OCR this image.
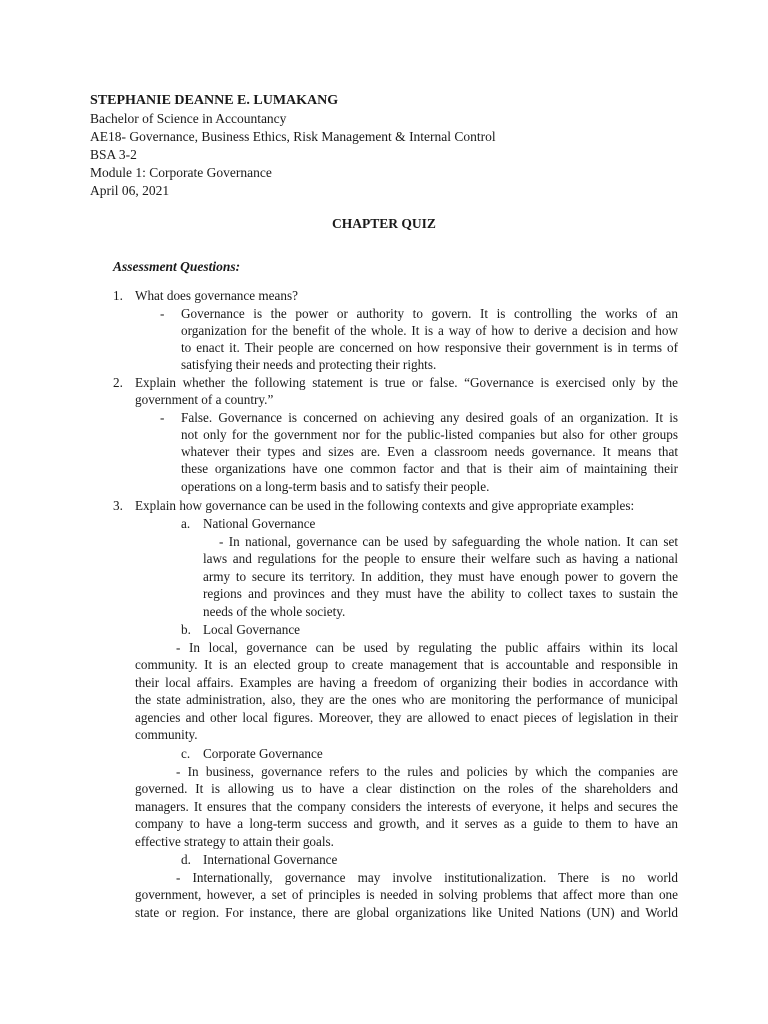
STEPHANIE DEANNE E. LUMAKANG
Bachelor of Science in Accountancy
AE18- Governance, Business Ethics, Risk Management & Internal Control
BSA 3-2
Module 1: Corporate Governance
April 06, 2021
CHAPTER QUIZ
Assessment Questions:
1. What does governance means?
- Governance is the power or authority to govern. It is controlling the works of an
organization for the benefit of the whole. It is a way of how to derive a decision and how
to enact it. Their people are concerned on how responsive their government is in terms of
satisfying their needs and protecting their rights.
2. Explain whether the following statement is true or false. “Governance is exercised only by the
government of a country.”
- False. Governance is concerned on achieving any desired goals of an organization. It is
not only for the government nor for the public-listed companies but also for other groups
whatever their types and sizes are. Even a classroom needs governance. It means that
these organizations have one common factor and that is their aim of maintaining their
operations on a long-term basis and to satisfy their people.
3. Explain how governance can be used in the following contexts and give appropriate examples:
a. National Governance
- In national, governance can be used by safeguarding the whole nation. It can set
laws and regulations for the people to ensure their welfare such as having a national
army to secure its territory. In addition, they must have enough power to govern the
regions and provinces and they must have the ability to collect taxes to sustain the
needs of the whole society.
b. Local Governance
- In local, governance can be used by regulating the public affairs within its local
community. It is an elected group to create management that is accountable and responsible in
their local affairs. Examples are having a freedom of organizing their bodies in accordance with
the state administration, also, they are the ones who are monitoring the performance of municipal
agencies and other local figures. Moreover, they are allowed to enact pieces of legislation in their
community.
c. Corporate Governance
- In business, governance refers to the rules and policies by which the companies are
governed. It is allowing us to have a clear distinction on the roles of the shareholders and
managers. It ensures that the company considers the interests of everyone, it helps and secures the
company to have a long-term success and growth, and it serves as a guide to them to have an
effective strategy to attain their goals.
d. International Governance
- Internationally, governance may involve institutionalization. There is no world
government, however, a set of principles is needed in solving problems that affect more than one
state or region. For instance, there are global organizations like United Nations (UN) and World
